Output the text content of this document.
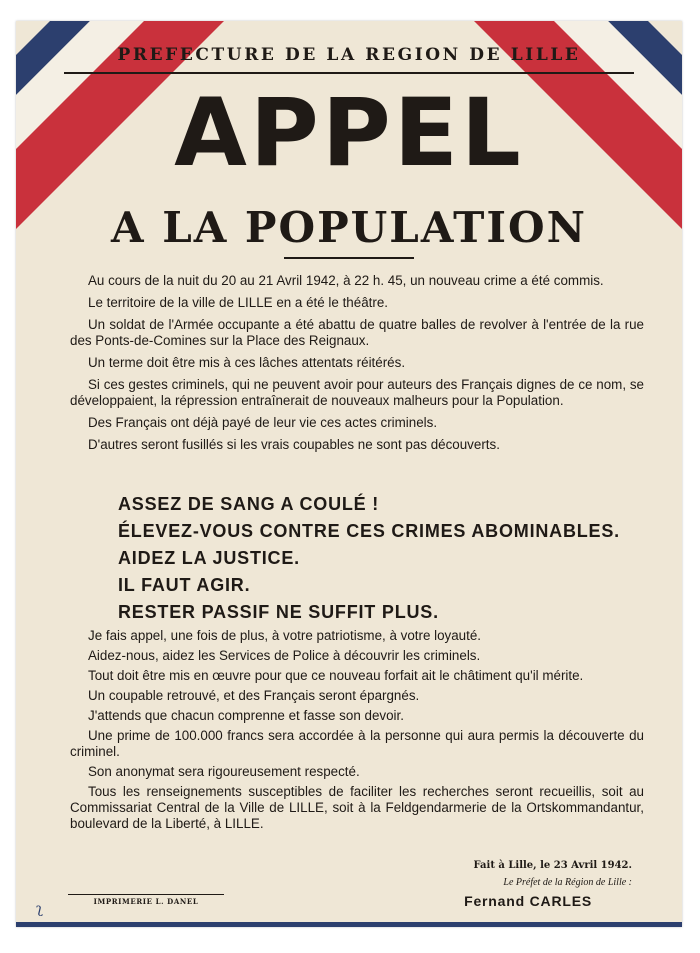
PREFECTURE DE LA REGION DE LILLE
APPEL
A LA POPULATION

Au cours de la nuit du 20 au 21 Avril 1942, à 22 h. 45, un nouveau crime a été commis.

Le territoire de la ville de LILLE en a été le théâtre.

Un soldat de l'Armée occupante a été abattu de quatre balles de revolver à l'entrée de la rue des Ponts-de-Comines sur la Place des Reignaux.

Un terme doit être mis à ces lâches attentats réitérés.

Si ces gestes criminels, qui ne peuvent avoir pour auteurs des Français dignes de ce nom, se développaient, la répression entraînerait de nouveaux malheurs pour la Population.

Des Français ont déjà payé de leur vie ces actes criminels.

D'autres seront fusillés si les vrais coupables ne sont pas découverts.

ASSEZ DE SANG A COULÉ !
ÉLEVEZ-VOUS CONTRE CES CRIMES ABOMINABLES.
AIDEZ LA JUSTICE.
IL FAUT AGIR.
RESTER PASSIF NE SUFFIT PLUS.

Je fais appel, une fois de plus, à votre patriotisme, à votre loyauté.

Aidez-nous, aidez les Services de Police à découvrir les criminels.

Tout doit être mis en œuvre pour que ce nouveau forfait ait le châtiment qu'il mérite.

Un coupable retrouvé, et des Français seront épargnés.

J'attends que chacun comprenne et fasse son devoir.

Une prime de 100.000 francs sera accordée à la personne qui aura permis la découverte du criminel.

Son anonymat sera rigoureusement respecté.

Tous les renseignements susceptibles de faciliter les recherches seront recueillis, soit au Commissariat Central de la Ville de LILLE, soit à la Feldgendarmerie de la Ortskommandantur, boulevard de la Liberté, à LILLE.

Fait à Lille, le 23 Avril 1942.
Le Préfet de la Région de Lille :
Fernand CARLES
IMPRIMERIE L. DANEL
ʅ
